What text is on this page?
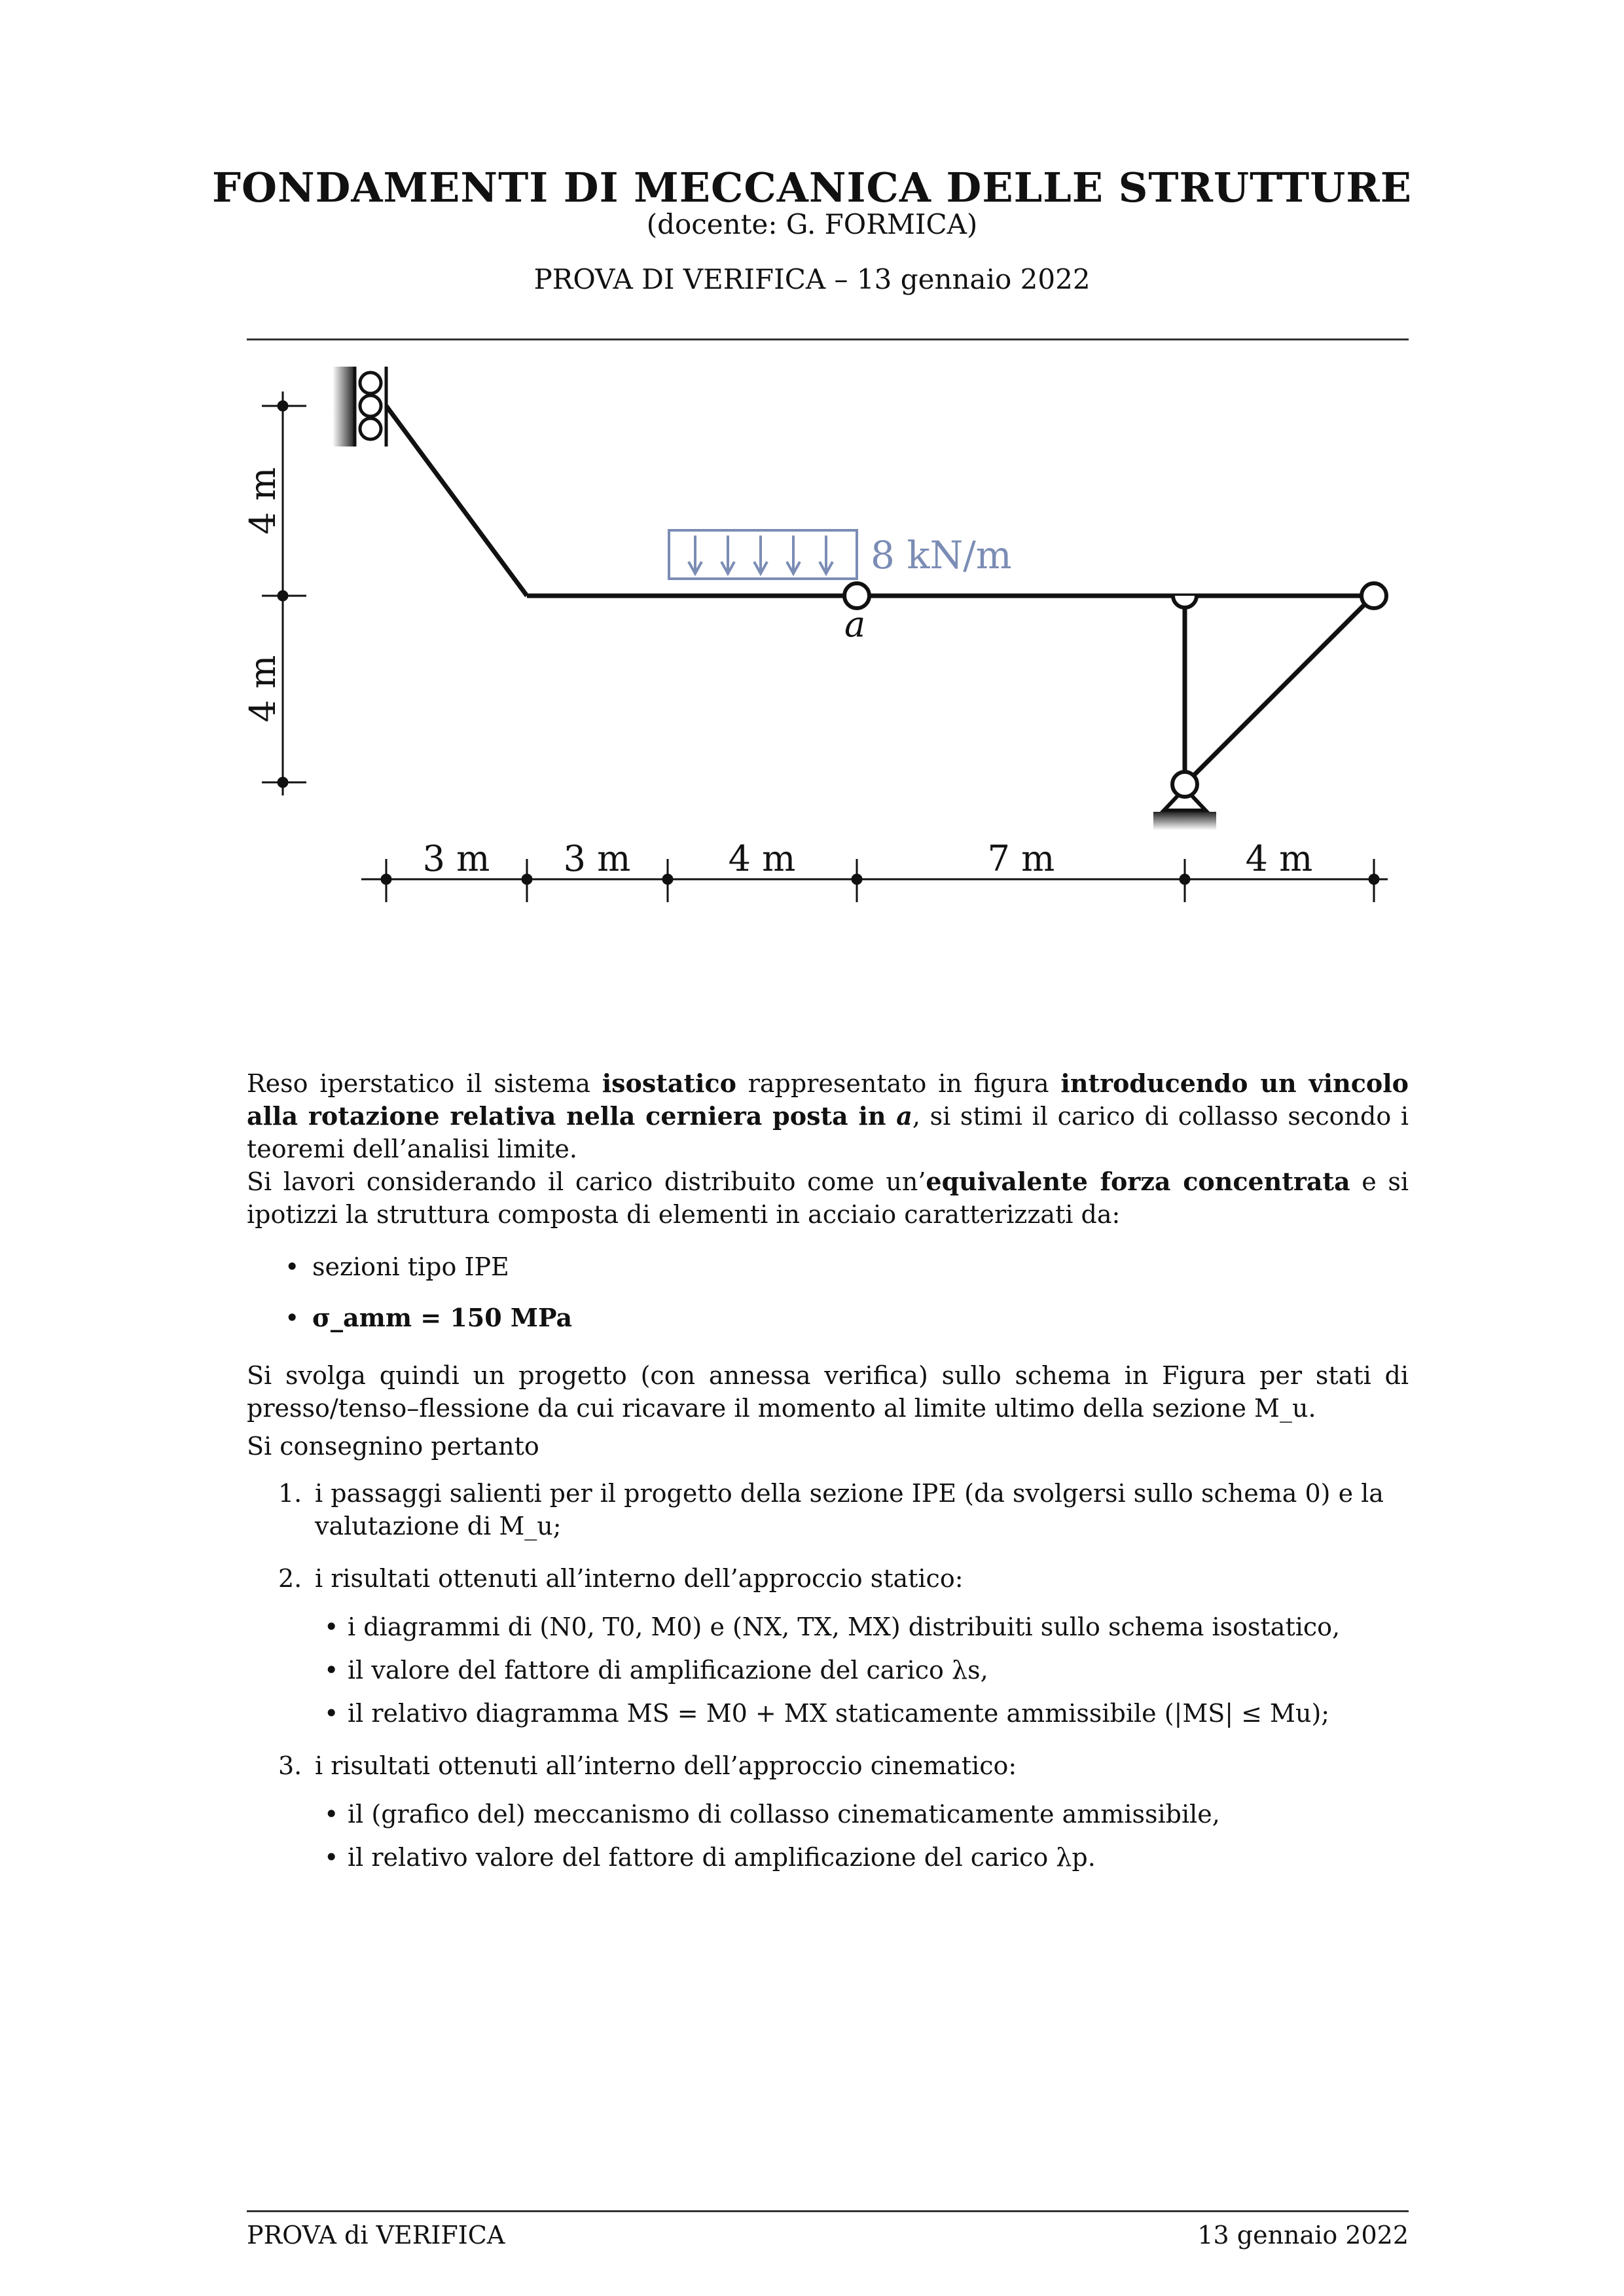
FONDAMENTI DI MECCANICA DELLE STRUTTURE
(docente: G. FORMICA)
PROVA DI VERIFICA – 13 gennaio 2022
8 kN/m
a
4 m
4 m
3 m 3 m	4 m	7 m	4 m

Reso iperstatico il sistema isostatico rappresentato in figura introducendo un vincolo alla rotazione relativa nella cerniera posta in a, si stimi il carico di collasso secondo i teoremi dell’analisi limite.

Si lavori considerando il carico distribuito come un’equivalente forza concentrata e si ipotizzi la struttura composta di elementi in acciaio caratterizzati da:

• sezioni tipo IPE
• σ_amm = 150 MPa

Si svolga quindi un progetto (con annessa verifica) sullo schema in Figura per stati di presso/tenso–flessione da cui ricavare il momento al limite ultimo della sezione M_u.

Si consegnino pertanto

1. i passaggi salienti per il progetto della sezione IPE (da svolgersi sullo schema 0) e la valutazione di M_u;
2. i risultati ottenuti all’interno dell’approccio statico:
• i diagrammi di (N0, T0, M0) e (NX, TX, MX) distribuiti sullo schema isostatico,
• il valore del fattore di amplificazione del carico λs,
• il relativo diagramma MS = M0 + MX staticamente ammissibile (|MS| ≤ Mu);
3. i risultati ottenuti all’interno dell’approccio cinematico:
• il (grafico del) meccanismo di collasso cinematicamente ammissibile,
• il relativo valore del fattore di amplificazione del carico λp.
PROVA di VERIFICA	13 gennaio 2022
